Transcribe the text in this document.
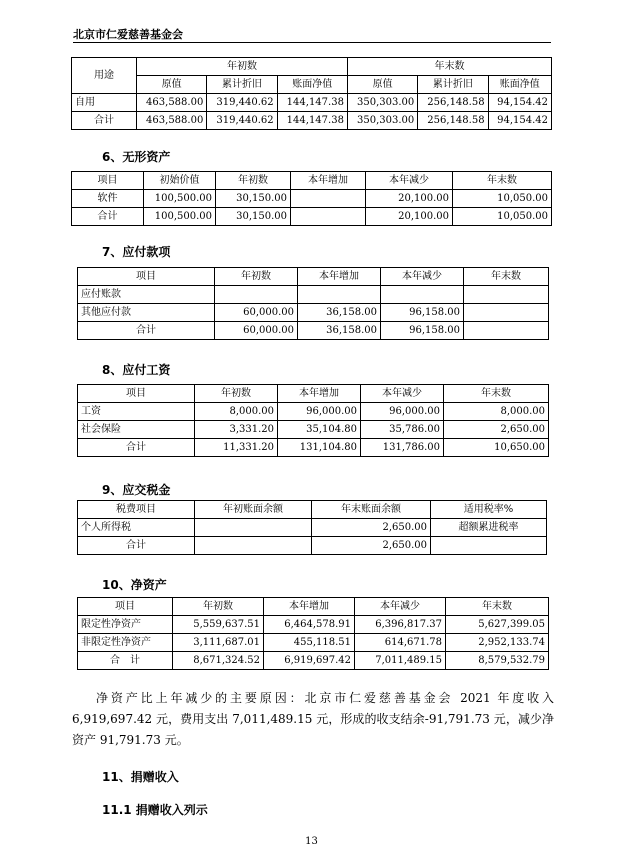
北京市仁爱慈善基金会
用途	年初数			年末数		
	原值	累计折旧	账面净值	原值	累计折旧	账面净值
自用	463,588.00	319,440.62	144,147.38	350,303.00	256,148.58	94,154.42
合计	463,588.00	319,440.62	144,147.38	350,303.00	256,148.58	94,154.42
6、无形资产
项目	初始价值	年初数	本年增加	本年减少	年末数
软件	100,500.00	30,150.00		20,100.00	10,050.00
合计	100,500.00	30,150.00		20,100.00	10,050.00
7、应付款项
项目	年初数	本年增加	本年减少	年末数
应付账款				
其他应付款	60,000.00	36,158.00	96,158.00	
合计	60,000.00	36,158.00	96,158.00	
8、应付工资
项目	年初数	本年增加	本年减少	年末数
工资	8,000.00	96,000.00	96,000.00	8,000.00
社会保险	3,331.20	35,104.80	35,786.00	2,650.00
合计	11,331.20	131,104.80	131,786.00	10,650.00
9、应交税金
税费项目	年初账面余额	年末账面余额	适用税率%
个人所得税		2,650.00	超额累进税率
合计		2,650.00	
10、净资产
项目	年初数	本年增加	本年减少	年末数
限定性净资产	5,559,637.51	6,464,578.91	6,396,817.37	5,627,399.05
非限定性净资产	3,111,687.01	455,118.51	614,671.78	2,952,133.74
合　计	8,671,324.52	6,919,697.42	7,011,489.15	8,579,532.79

净资产比上年减少的主要原因：北京市仁爱慈善基金会 2021 年度收入 6,919,697.42 元，费用支出 7,011,489.15 元，形成的收支结余-91,791.73 元，减少净资产 91,791.73 元。

11、捐赠收入
11.1 捐赠收入列示
13
